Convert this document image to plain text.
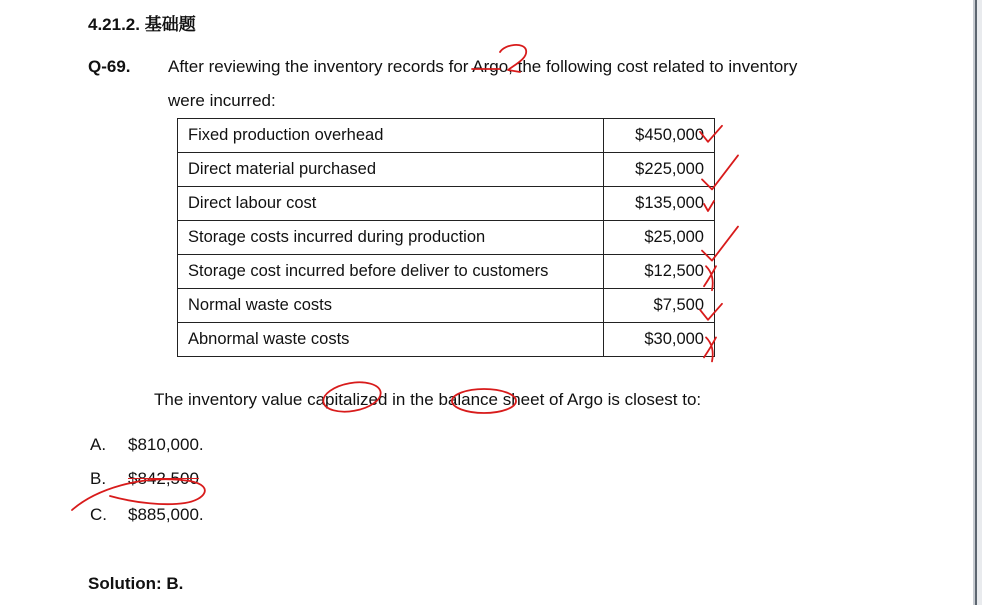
4.21.2. 基础题
Q-69. After reviewing the inventory records for Argo, the following cost related to inventory
were incurred:
Fixed production overhead	$450,000
Direct material purchased	$225,000
Direct labour cost	$135,000
Storage costs incurred during production	$25,000
Storage cost incurred before deliver to customers	$12,500
Normal waste costs	$7,500
Abnormal waste costs	$30,000
The inventory value capitalized in the balance sheet of Argo is closest to:
A. $810,000.
B. $842,500
C. $885,000.
Solution: B.
